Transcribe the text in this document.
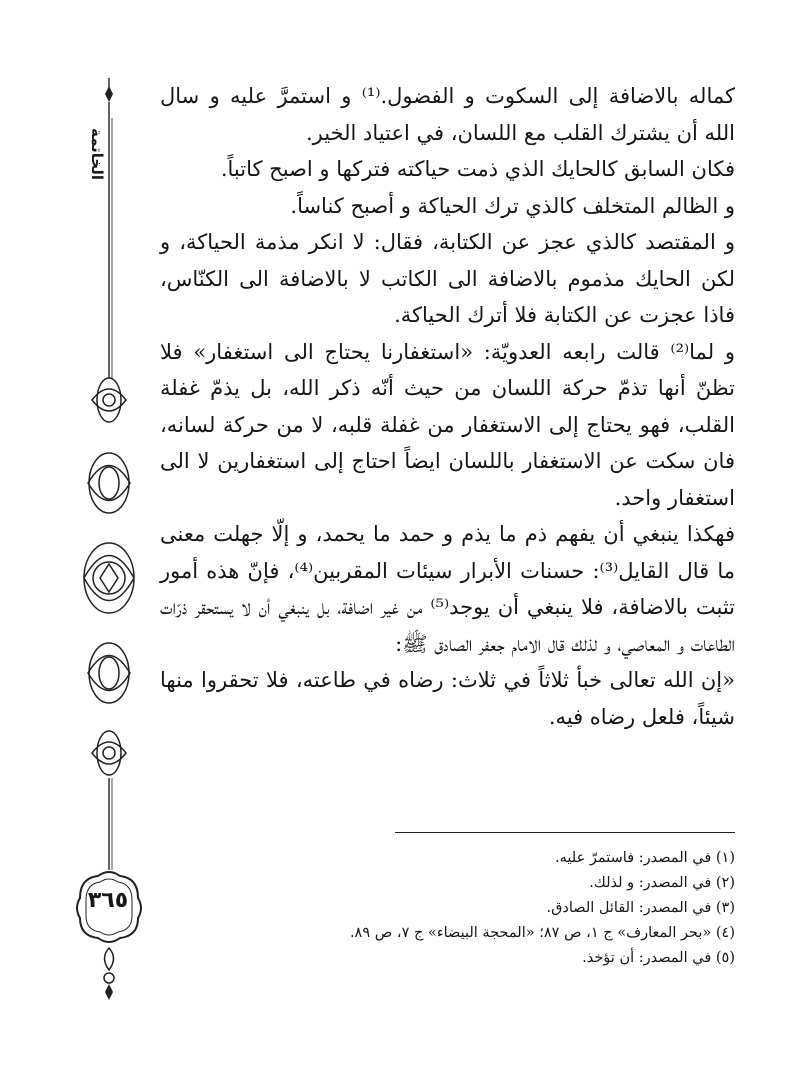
الخاتمة
٣٦٥

كماله بالاضافة إلى السكوت و الفضول.⁽¹⁾ و استمرَّ عليه و سال الله أن يشترك القلب مع اللسان، في اعتياد الخير.

فكان السابق كالحايك الذي ذمت حياكته فتركها و اصبح كاتباً.

و الظالم المتخلف كالذي ترك الحياكة و أصبح كناساً.

و المقتصد كالذي عجز عن الكتابة، فقال: لا انكر مذمة الحياكة، و لكن الحايك مذموم بالاضافة الى الكاتب لا بالاضافة الى الكنّاس، فاذا عجزت عن الكتابة فلا أترك الحياكة.

و لما⁽²⁾ قالت رابعه العدويّة: «استغفارنا يحتاج الى استغفار» فلا تظنّ أنها تذمّ حركة اللسان من حيث أنّه ذكر الله، بل يذمّ غفلة القلب، فهو يحتاج إلى الاستغفار من غفلة قلبه، لا من حركة لسانه، فان سكت عن الاستغفار باللسان ايضاً احتاج إلى استغفارين لا الى استغفار واحد.

فهكذا ينبغي أن يفهم ذم ما يذم و حمد ما يحمد، و إلّا جهلت معنى ما قال القايل⁽³⁾: حسنات الأبرار سيئات المقربين⁽⁴⁾، فإنّ هذه أمور تثبت بالاضافة، فلا ينبغي أن يوجد⁽⁵⁾ من غير اضافة، بل ينبغي أن لا يستحقر ذرّات الطاعات و المعاصي، و لذلك قال الامام جعفر الصادق ﷺ:

«إن الله تعالى خبأ ثلاثاً في ثلاث: رضاه في طاعته، فلا تحقروا منها شيئاً، فلعل رضاه فيه.

(١) في المصدر: فاستمرّ عليه.

(٢) في المصدر: و لذلك.

(٣) في المصدر: القائل الصادق.

(٤) «بحر المعارف» ج ١، ص ٨٧؛ «المحجة البيضاء» ج ٧، ص ٨٩.

(٥) في المصدر: أن تؤخذ.
